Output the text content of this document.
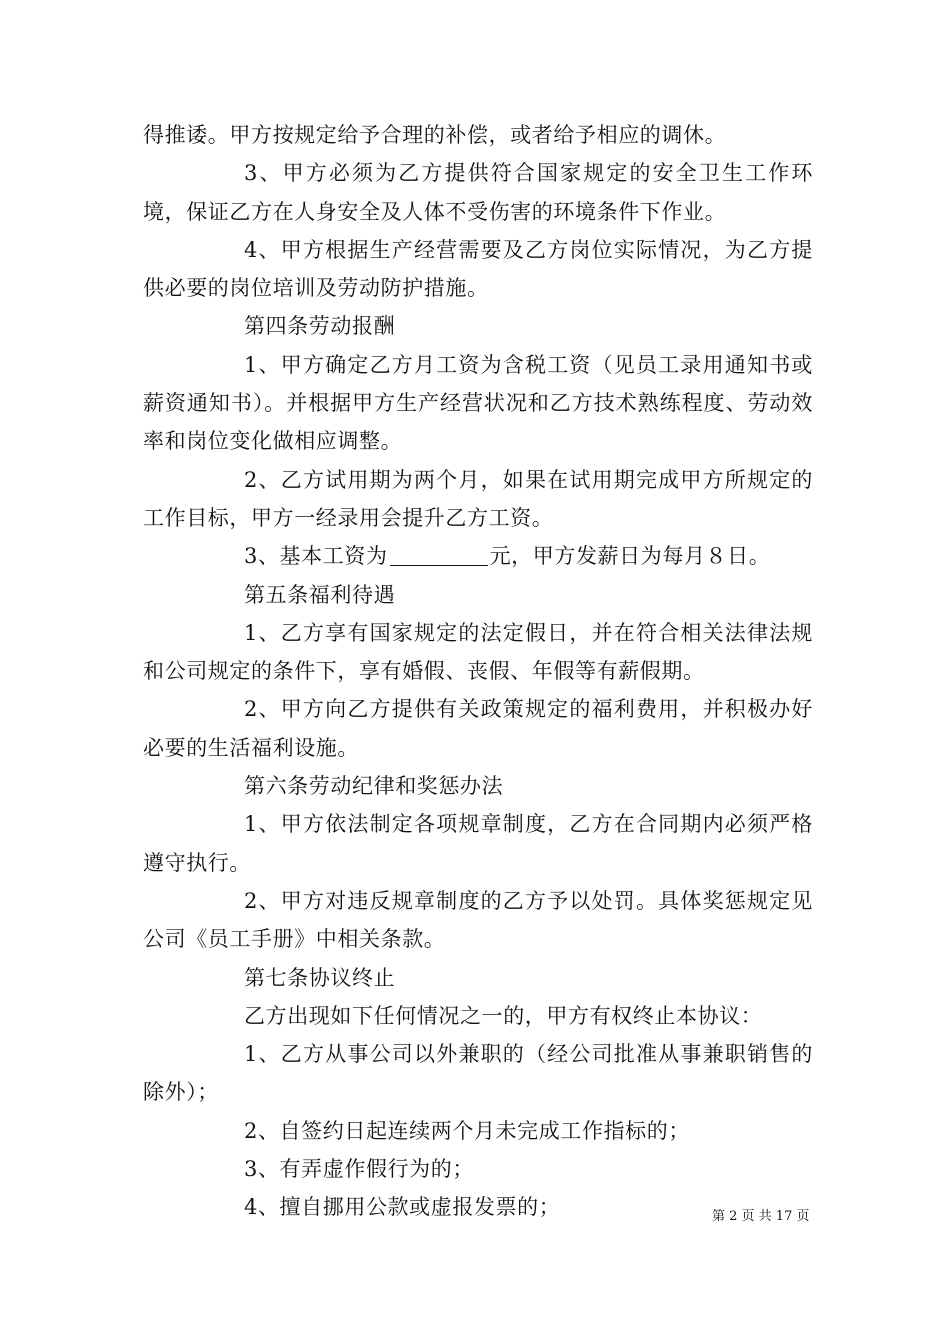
得推诿。甲方按规定给予合理的补偿，或者给予相应的调休。

3、甲方必须为乙方提供符合国家规定的安全卫生工作环境，保证乙方在人身安全及人体不受伤害的环境条件下作业。

4、甲方根据生产经营需要及乙方岗位实际情况，为乙方提供必要的岗位培训及劳动防护措施。

第四条劳动报酬

1、甲方确定乙方月工资为含税工资（见员工录用通知书或薪资通知书）。并根据甲方生产经营状况和乙方技术熟练程度、劳动效率和岗位变化做相应调整。

2、乙方试用期为两个月，如果在试用期完成甲方所规定的工作目标，甲方一经录用会提升乙方工资。

3、基本工资为	元，甲方发薪日为每月８日。

第五条福利待遇

1、乙方享有国家规定的法定假日，并在符合相关法律法规和公司规定的条件下，享有婚假、丧假、年假等有薪假期。

2、甲方向乙方提供有关政策规定的福利费用，并积极办好必要的生活福利设施。

第六条劳动纪律和奖惩办法

1、甲方依法制定各项规章制度，乙方在合同期内必须严格遵守执行。

2、甲方对违反规章制度的乙方予以处罚。具体奖惩规定见公司《员工手册》中相关条款。

第七条协议终止

乙方出现如下任何情况之一的，甲方有权终止本协议：

1、乙方从事公司以外兼职的（经公司批准从事兼职销售的除外）；

2、自签约日起连续两个月未完成工作指标的；

3、有弄虚作假行为的；

4、擅自挪用公款或虚报发票的；	第 2 页 共 17 页
